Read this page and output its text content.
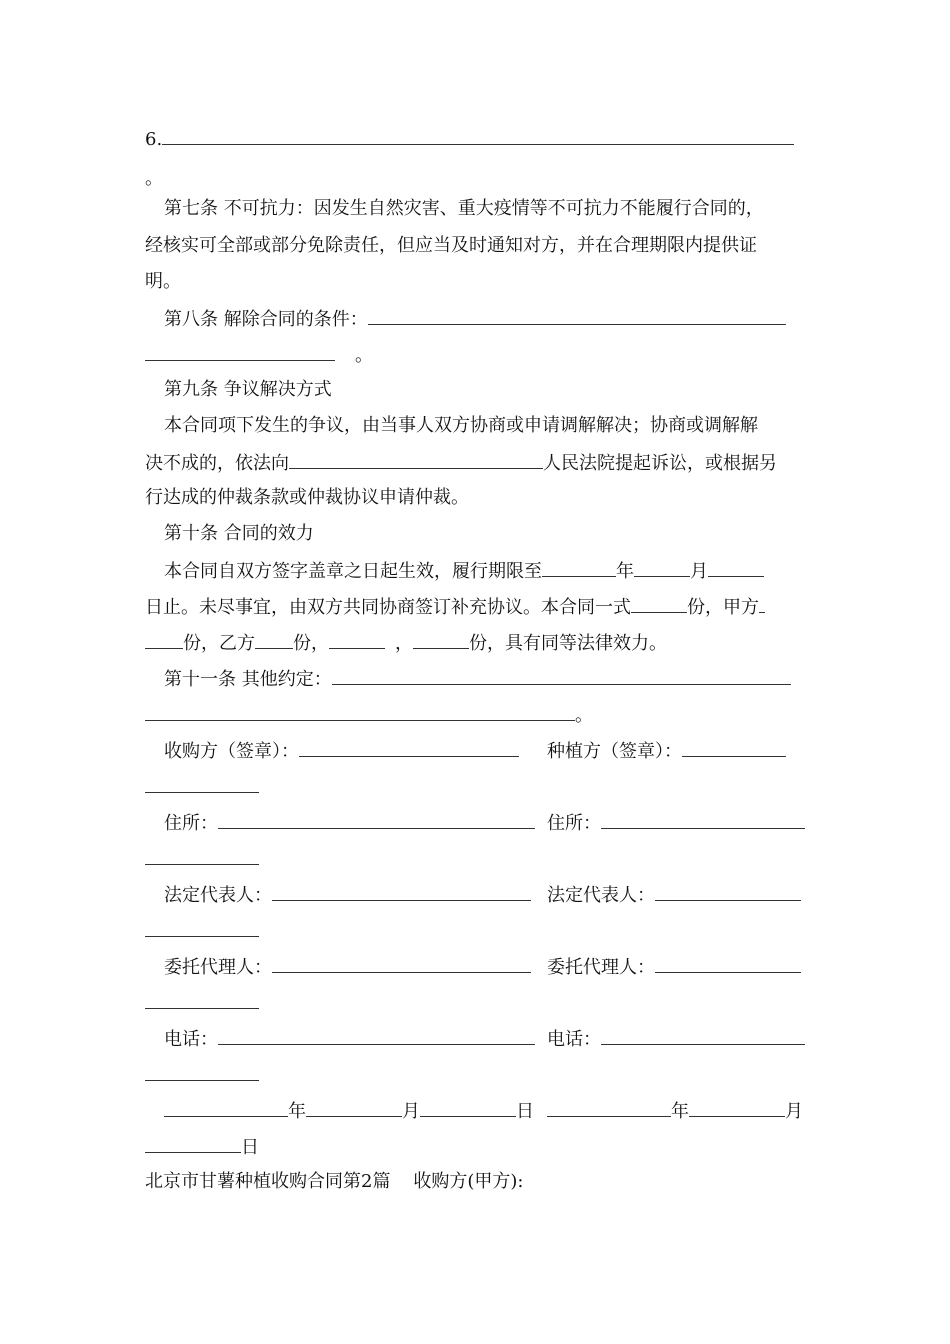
6.
。
第七条 不可抗力：因发生自然灾害、重大疫情等不可抗力不能履行合同的，
经核实可全部或部分免除责任，但应当及时通知对方，并在合理期限内提供证
明。
第八条 解除合同的条件：
。
第九条 争议解决方式
本合同项下发生的争议，由当事人双方协商或申请调解解决；协商或调解解
决不成的，依法向	人民法院提起诉讼，或根据另
行达成的仲裁条款或仲裁协议申请仲裁。
第十条 合同的效力
本合同自双方签字盖章之日起生效，履行期限至	年	月
日止。未尽事宜，由双方共同协商签订补充协议。本合同一式	份，甲方
份，乙方 份，	，	份，具有同等法律效力。
第十一条 其他约定：
。
收购方（签章）：	种植方（签章）：
住所：	住所：
法定代表人：	法定代表人：
委托代理人：	委托代理人：
电话：	电话：
年	月	日	年	月
日
北京市甘薯种植收购合同第2篇    收购方(甲方):
